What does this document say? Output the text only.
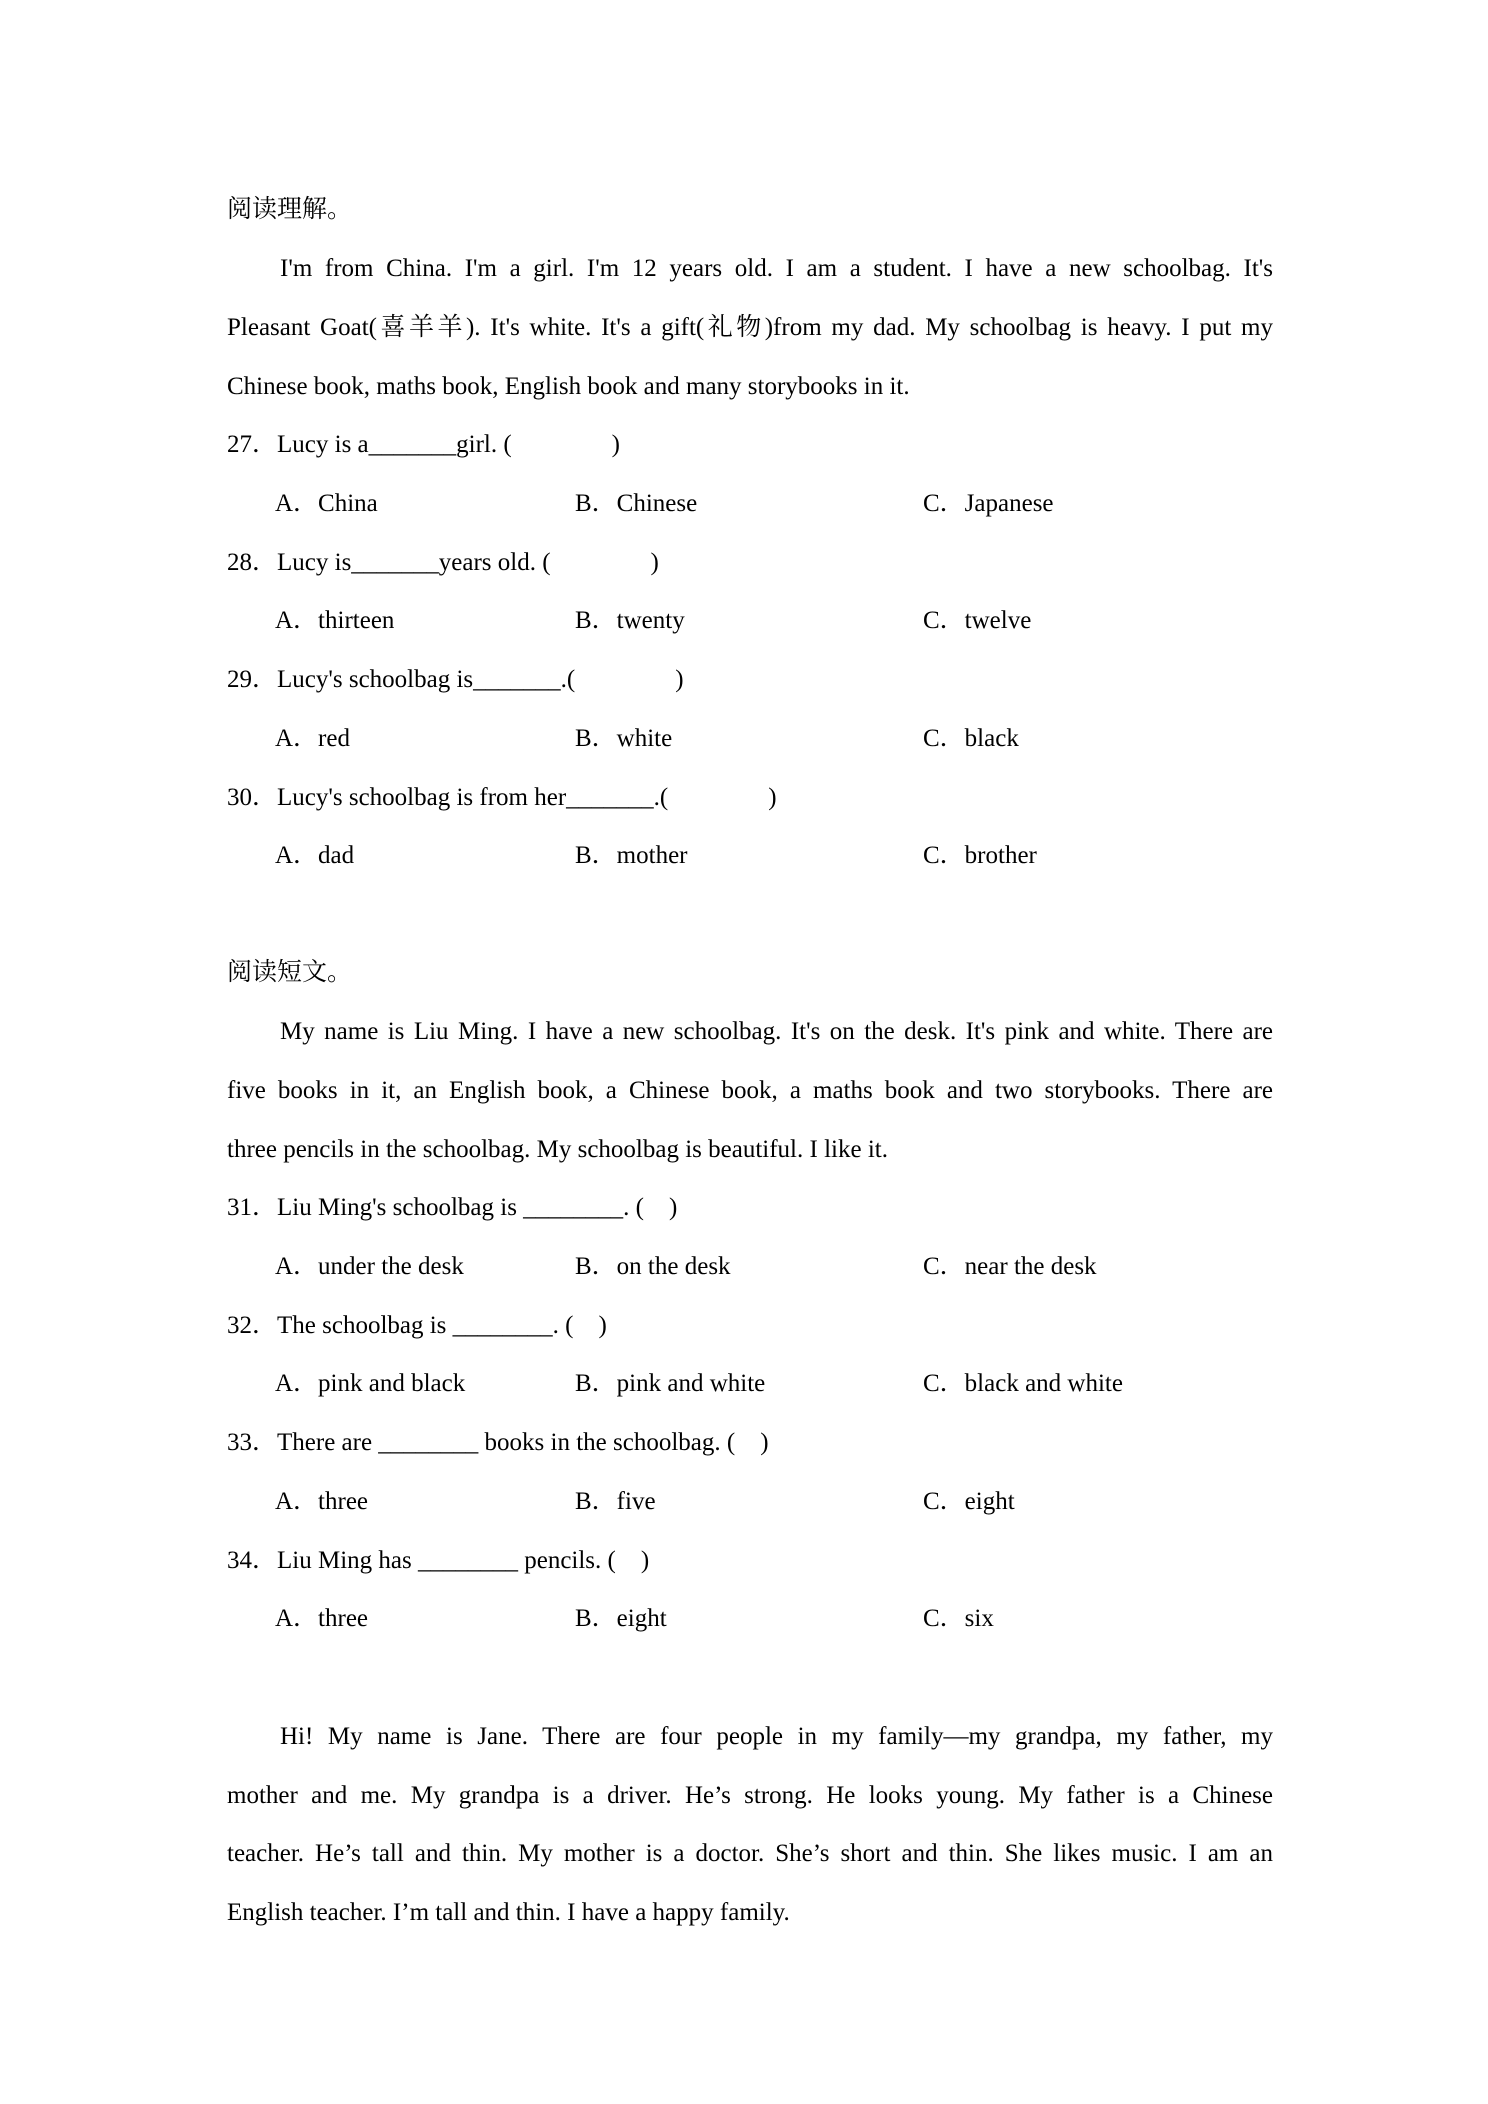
阅读理解。
I'm from China. I'm a girl. I'm 12 years old. I am a student. I have a new schoolbag. It's
Pleasant Goat(喜羊羊). It's white. It's a gift(礼物)from my dad. My schoolbag is heavy. I put my
Chinese book, maths book, English book and many storybooks in it.
27．Lucy is a_______girl. (　　　　)
A．China	B．Chinese	C．Japanese
28．Lucy is_______years old. (　　　　)
A．thirteen	B．twenty	C．twelve
29．Lucy's schoolbag is_______.(　　　　)
A．red	B．white	C．black
30．Lucy's schoolbag is from her_______.(　　　　)
A．dad	B．mother	C．brother
阅读短文。
My name is Liu Ming. I have a new schoolbag. It's on the desk. It's pink and white. There are
five books in it, an English book, a Chinese book, a maths book and two storybooks. There are
three pencils in the schoolbag. My schoolbag is beautiful. I like it.
31．Liu Ming's schoolbag is ________. (　)
A．under the desk	B．on the desk	C．near the desk
32．The schoolbag is ________. (　)
A．pink and black	B．pink and white	C．black and white
33．There are ________ books in the schoolbag. (　)
A．three	B．five	C．eight
34．Liu Ming has ________ pencils. (　)
A．three	B．eight	C．six
Hi! My name is Jane. There are four people in my family—my grandpa, my father, my
mother and me. My grandpa is a driver. He’s strong. He looks young. My father is a Chinese
teacher. He’s tall and thin. My mother is a doctor. She’s short and thin. She likes music. I am an
English teacher. I’m tall and thin. I have a happy family.
